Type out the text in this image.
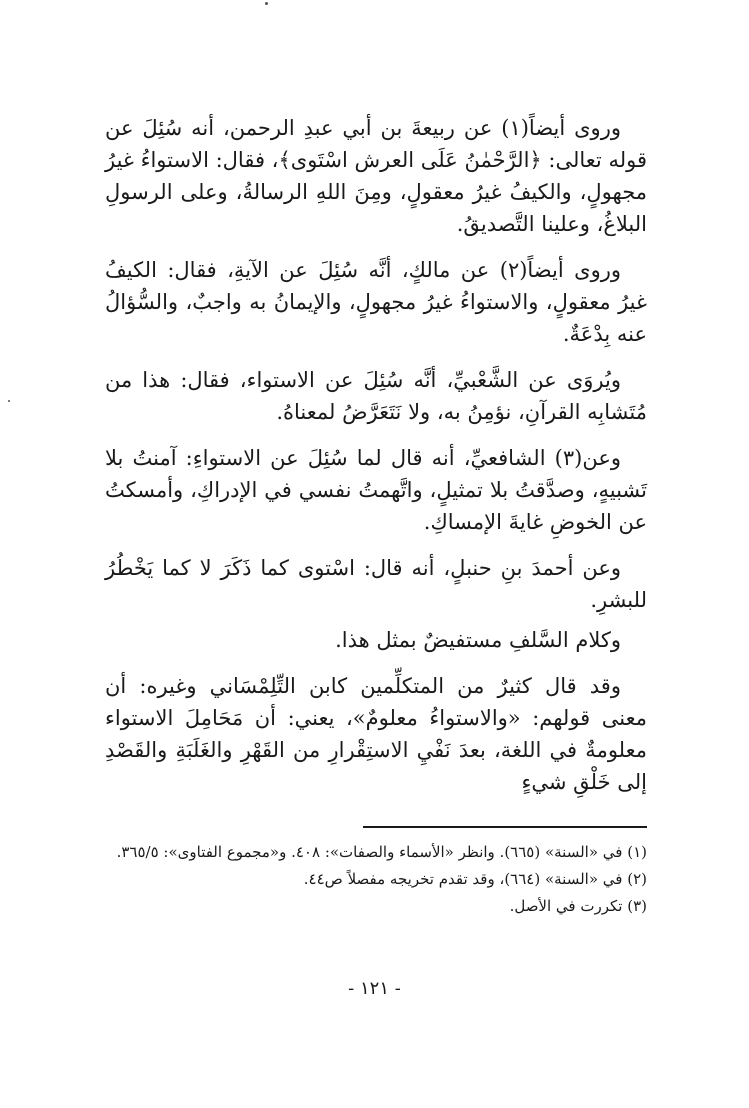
وروى أيضاً(١) عن ربيعةَ بن أبي عبدِ الرحمن، أنه سُئِلَ عن قوله تعالى: ﴿الرَّحْمٰنُ عَلَى العرش اسْتَوى﴾، فقال: الاستواءُ غيرُ مجهولٍ، والكيفُ غيرُ معقولٍ، ومِنَ اللهِ الرسالةُ، وعلى الرسولِ البلاغُ، وعلينا التَّصديقُ.

وروى أيضاً(٢) عن مالكٍ، أنَّه سُئِلَ عن الآيةِ، فقال: الكيفُ غيرُ معقولٍ، والاستواءُ غيرُ مجهولٍ، والإيمانُ به واجبٌ، والسُّؤالُ عنه بِدْعَةٌ.

ويُروَى عن الشَّعْبيِّ، أنَّه سُئِلَ عن الاستواء، فقال: هذا من مُتَشابِه القرآنِ، نؤمِنُ به، ولا نَتَعَرَّضُ لمعناهُ.

وعن(٣) الشافعيِّ، أنه قال لما سُئِلَ عن الاستواءِ: آمنتُ بلا تَشبيهٍ، وصدَّقتُ بلا تمثيلٍ، واتَّهمتُ نفسي في الإدراكِ، وأمسكتُ عن الخوضِ غايةَ الإمساكِ.

وعن أحمدَ بنِ حنبلٍ، أنه قال: اسْتوى كما ذَكَرَ لا كما يَخْطُرُ للبشرِ.

وكلام السَّلفِ مستفيضٌ بمثل هذا.

وقد قال كثيرٌ من المتكلِّمين كابن التِّلِمْسَاني وغيره: أن معنى قولهم: «والاستواءُ معلومٌ»، يعني: أن مَحَامِلَ الاستواء معلومةٌ في اللغة، بعدَ نَفْيِ الاستِقْرارِ من القَهْرِ والغَلَبَةِ والقَصْدِ إلى خَلْقِ شيءٍ

(١) في «السنة» (٦٦٥). وانظر «الأسماء والصفات»: ٤٠٨. و«مجموع الفتاوى»: ٣٦٥/٥.

(٢) في «السنة» (٦٦٤)، وقد تقدم تخريجه مفصلاً ص٤٤.

(٣) تكررت في الأصل.

- ١٢١ -
